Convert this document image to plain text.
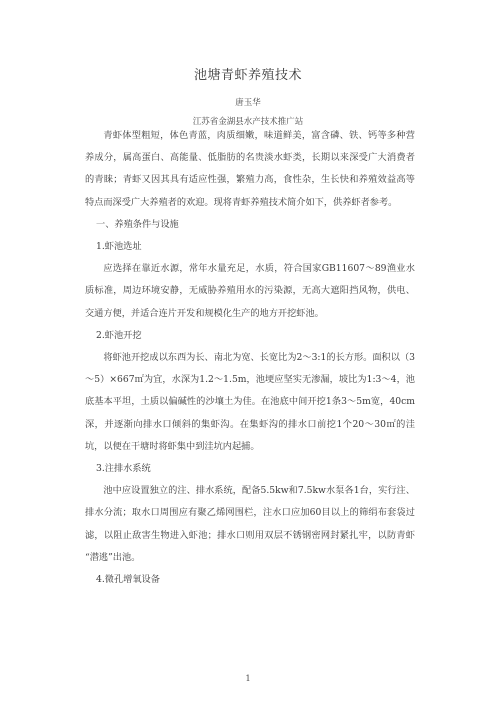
池塘青虾养殖技术
唐玉华
江苏省金湖县水产技术推广站

青虾体型粗短，体色青蓝，肉质细嫩，味道鲜美，富含磷、铁、钙等多种营养成分，属高蛋白、高能量、低脂肪的名贵淡水虾类，长期以来深受广大消费者的青睐；青虾又因其具有适应性强，繁殖力高，食性杂，生长快和养殖效益高等特点而深受广大养殖者的欢迎。现将青虾养殖技术简介如下，供养虾者参考。

一、养殖条件与设施

1.虾池选址

应选择在靠近水源，常年水量充足，水质，符合国家GB11607～89渔业水质标准，周边环境安静，无威胁养殖用水的污染源，无高大遮阳挡风物，供电、交通方便，并适合连片开发和规模化生产的地方开挖虾池。

2.虾池开挖

将虾池开挖成以东西为长、南北为宽、长宽比为2～3:1的长方形。面积以（3～5）×667㎡为宜，水深为1.2～1.5m，池埂应坚实无渗漏，坡比为1:3～4，池底基本平坦，土质以偏碱性的沙壤土为佳。在池底中间开挖1条3～5m宽，40cm深，并逐渐向排水口倾斜的集虾沟。在集虾沟的排水口前挖1个20～30㎡的洼坑，以便在干塘时将虾集中到洼坑内起捕。

3.注排水系统

池中应设置独立的注、排水系统，配备5.5kw和7.5kw水泵各1台，实行注、排水分流；取水口周围应有聚乙烯网围栏，注水口应加60目以上的筛绢布套袋过滤，以阻止敌害生物进入虾池；排水口则用双层不锈钢密网封紧扎牢，以防青虾 “潜逃”出池。

4.微孔增氧设备

1
